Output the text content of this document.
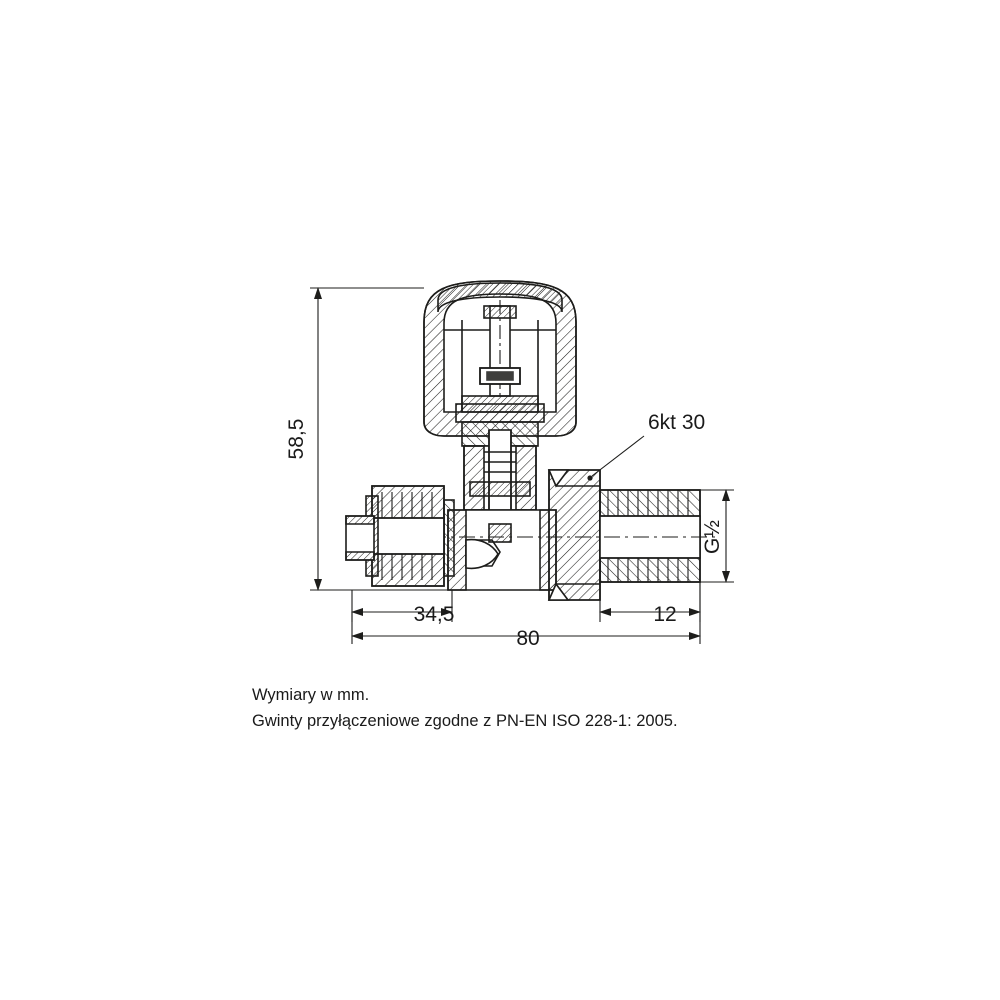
58,5
34,5
80
12
G½
6kt 30
Wymiary w mm.
Gwinty przyłączeniowe zgodne z PN-EN ISO 228-1: 2005.
